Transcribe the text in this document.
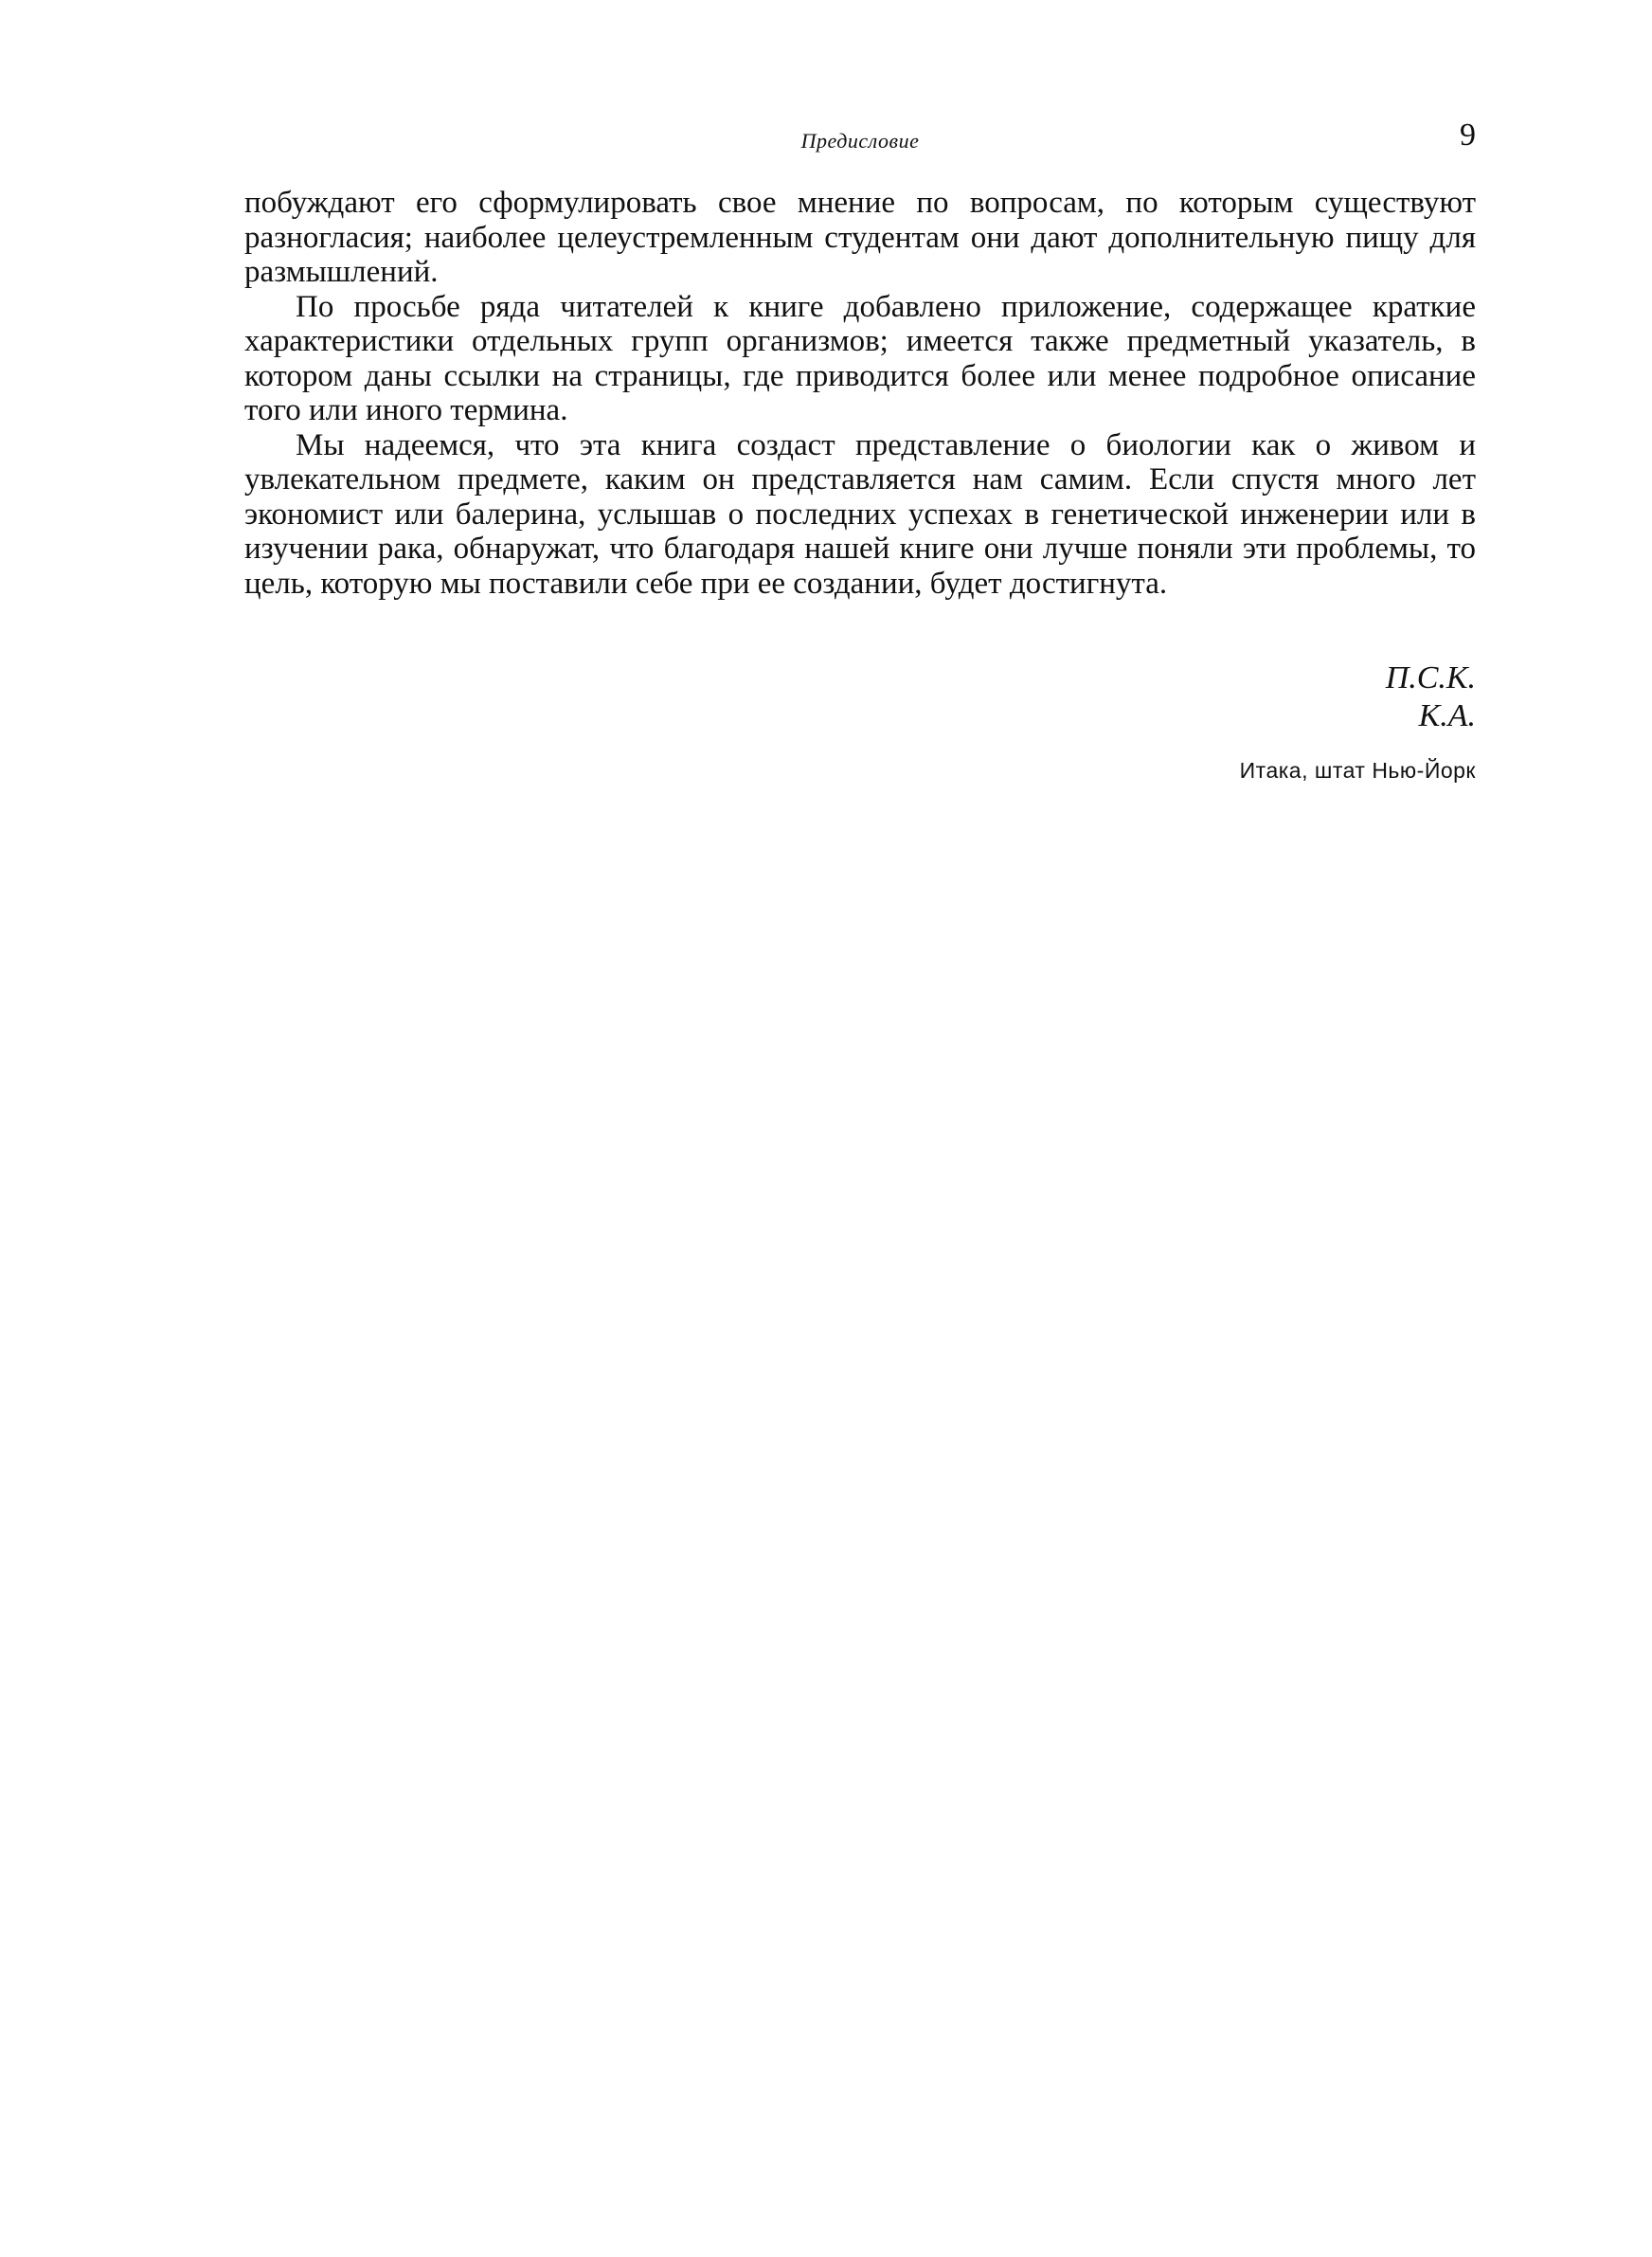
Предисловие	9

побуждают его сформулировать свое мнение по вопросам, по которым существуют разногласия; наиболее целеустремленным студентам они дают дополнительную пищу для размышлений.

По просьбе ряда читателей к книге добавлено приложение, содержащее краткие характеристики отдельных групп организмов; имеется также предметный указатель, в котором даны ссылки на страницы, где приводится более или менее подробное описание того или иного термина.

Мы надеемся, что эта книга создаст представление о биологии как о живом и увлекательном предмете, каким он представляется нам самим. Если спустя много лет экономист или балерина, услышав о последних успехах в генетической инженерии или в изучении рака, обнаружат, что благодаря нашей книге они лучше поняли эти проблемы, то цель, которую мы поставили себе при ее создании, будет достигнута.

П.С.К.
К.А.
Итака, штат Нью-Йорк
